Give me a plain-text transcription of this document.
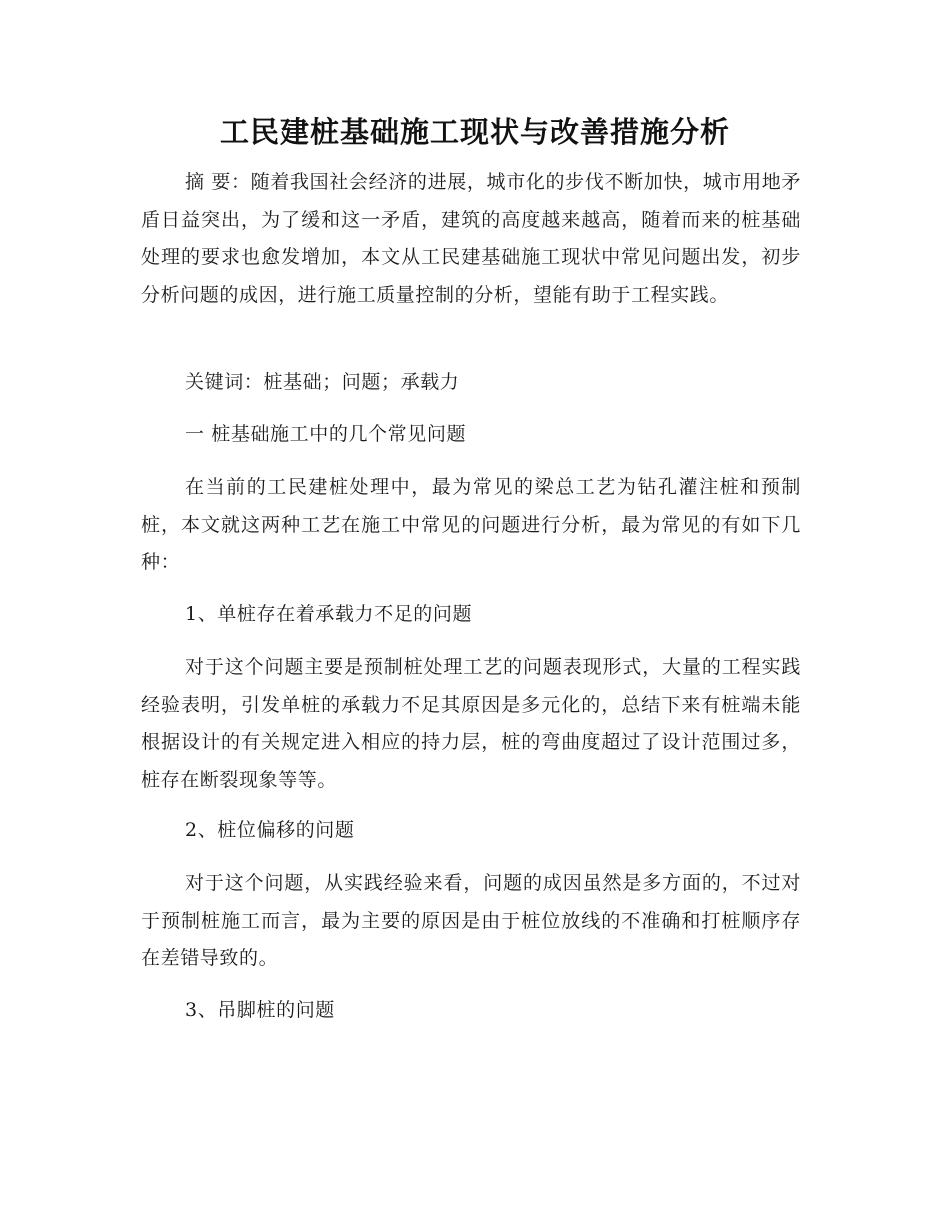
工民建桩基础施工现状与改善措施分析

摘 要：随着我国社会经济的进展，城市化的步伐不断加快，城市用地矛盾日益突出，为了缓和这一矛盾，建筑的高度越来越高，随着而来的桩基础处理的要求也愈发增加，本文从工民建基础施工现状中常见问题出发，初步分析问题的成因，进行施工质量控制的分析，望能有助于工程实践。

关键词：桩基础；问题；承载力

一 桩基础施工中的几个常见问题

在当前的工民建桩处理中，最为常见的梁总工艺为钻孔灌注桩和预制桩，本文就这两种工艺在施工中常见的问题进行分析，最为常见的有如下几种：

1、单桩存在着承载力不足的问题

对于这个问题主要是预制桩处理工艺的问题表现形式，大量的工程实践经验表明，引发单桩的承载力不足其原因是多元化的，总结下来有桩端未能根据设计的有关规定进入相应的持力层，桩的弯曲度超过了设计范围过多，桩存在断裂现象等等。

2、桩位偏移的问题

对于这个问题，从实践经验来看，问题的成因虽然是多方面的，不过对于预制桩施工而言，最为主要的原因是由于桩位放线的不准确和打桩顺序存在差错导致的。

3、吊脚桩的问题
